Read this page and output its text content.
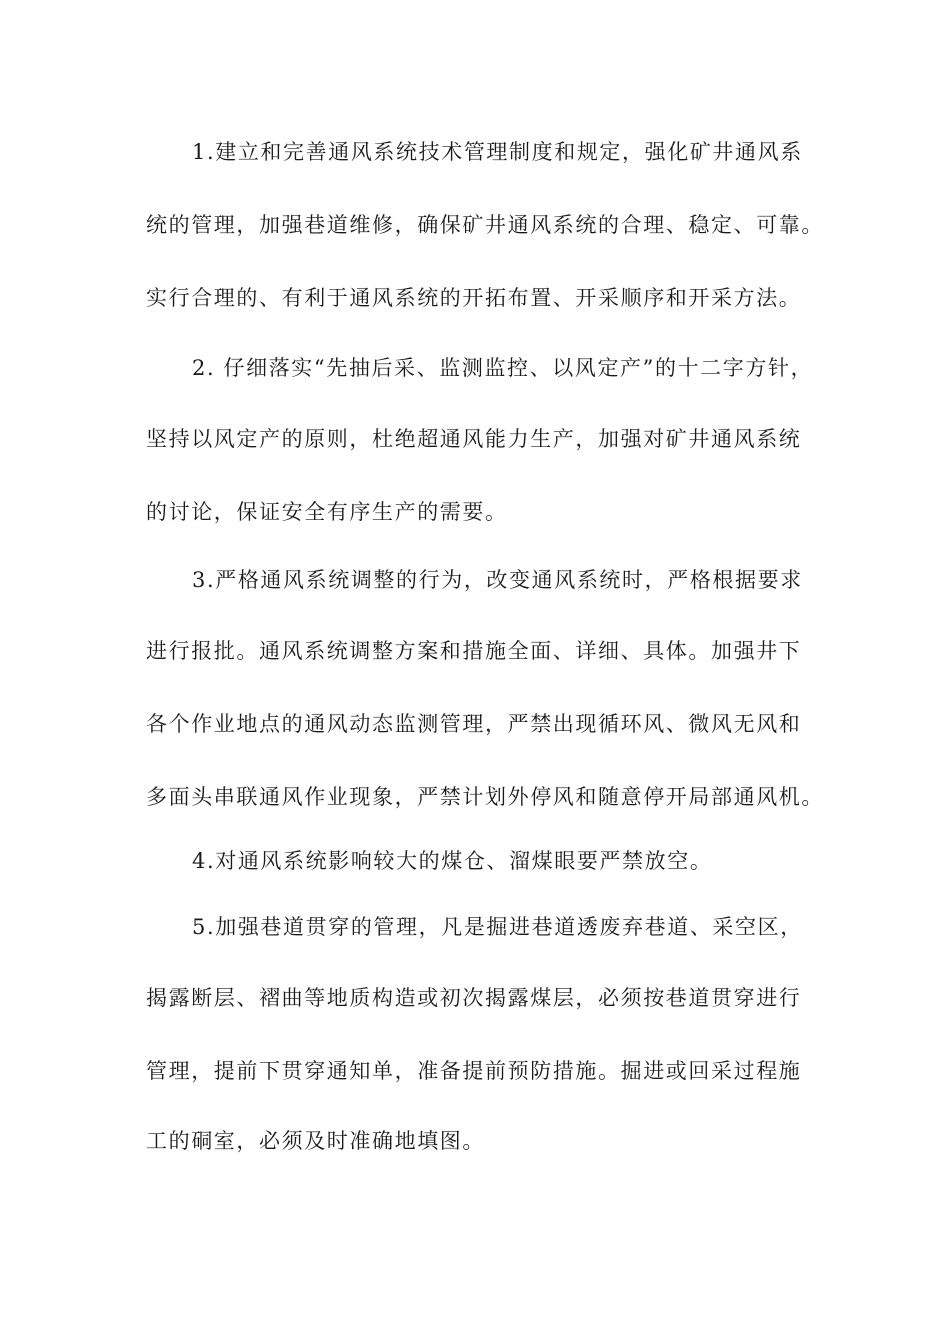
1.建立和完善通风系统技术管理制度和规定，强化矿井通风系
统的管理，加强巷道维修，确保矿井通风系统的合理、稳定、可靠。
实行合理的、有利于通风系统的开拓布置、开采顺序和开采方法。
2. 仔细落实“先抽后采、监测监控、以风定产”的十二字方针，
坚持以风定产的原则，杜绝超通风能力生产，加强对矿井通风系统
的讨论，保证安全有序生产的需要。
3.严格通风系统调整的行为，改变通风系统时，严格根据要求
进行报批。通风系统调整方案和措施全面、详细、具体。加强井下
各个作业地点的通风动态监测管理，严禁出现循环风、微风无风和
多面头串联通风作业现象，严禁计划外停风和随意停开局部通风机。
4.对通风系统影响较大的煤仓、溜煤眼要严禁放空。
5.加强巷道贯穿的管理，凡是掘进巷道透废弃巷道、采空区，
揭露断层、褶曲等地质构造或初次揭露煤层，必须按巷道贯穿进行
管理，提前下贯穿通知单，准备提前预防措施。掘进或回采过程施
工的硐室，必须及时准确地填图。
